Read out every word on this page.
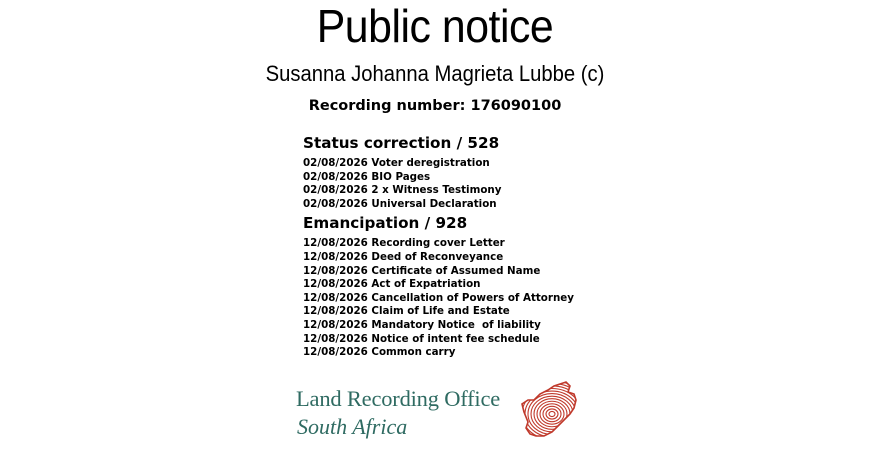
Public notice
Susanna Johanna Magrieta Lubbe (c)
Recording number: 176090100
Status correction / 528
02/08/2026 Voter deregistration
02/08/2026 BIO Pages
02/08/2026 2 x Witness Testimony
02/08/2026 Universal Declaration
Emancipation / 928
12/08/2026 Recording cover Letter
12/08/2026 Deed of Reconveyance
12/08/2026 Certificate of Assumed Name
12/08/2026 Act of Expatriation
12/08/2026 Cancellation of Powers of Attorney
12/08/2026 Claim of Life and Estate
12/08/2026 Mandatory Notice  of liability
12/08/2026 Notice of intent fee schedule
12/08/2026 Common carry
Land Recording Office
South Africa
